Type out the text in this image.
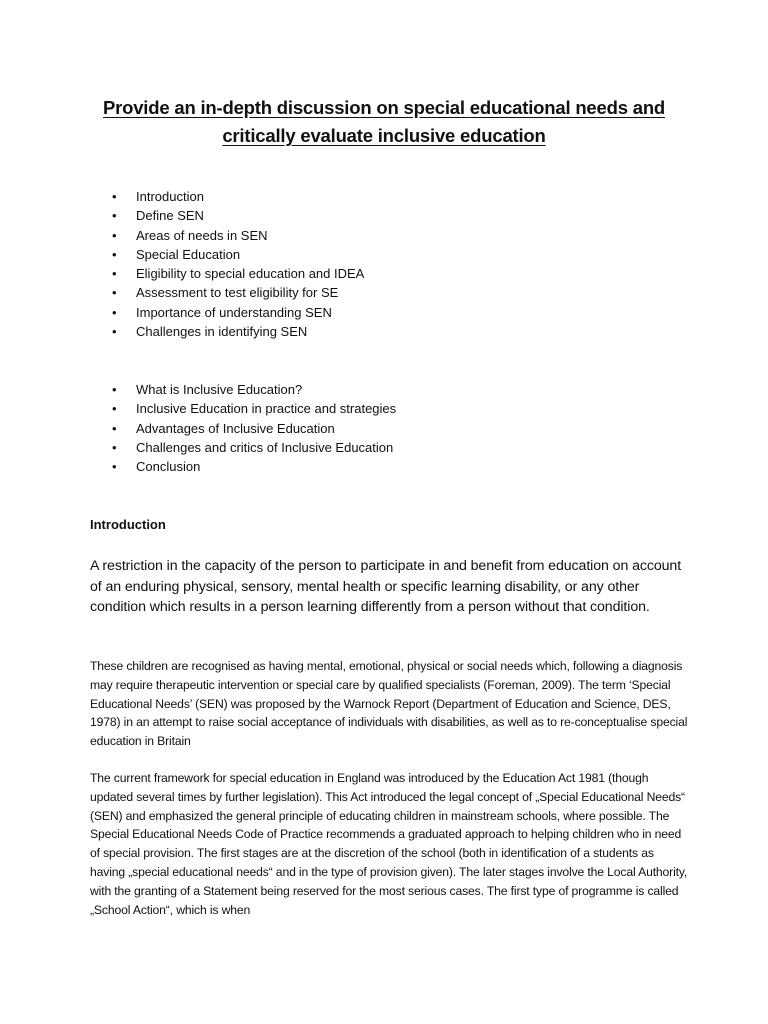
Provide an in-depth discussion on special educational needs and critically evaluate inclusive education
• Introduction
• Define SEN
• Areas of needs in SEN
• Special Education
• Eligibility to special education and IDEA
• Assessment to test eligibility for SE
• Importance of understanding SEN
• Challenges in identifying SEN
• What is Inclusive Education?
• Inclusive Education in practice and strategies
• Advantages of Inclusive Education
• Challenges and critics of Inclusive Education
• Conclusion
Introduction

A restriction in the capacity of the person to participate in and benefit from education on account of an enduring physical, sensory, mental health or specific learning disability, or any other condition which results in a person learning differently from a person without that condition.

These children are recognised as having mental, emotional, physical or social needs which, following a diagnosis may require therapeutic intervention or special care by qualified specialists (Foreman, 2009). The term ‘Special Educational Needs’ (SEN) was proposed by the Warnock Report (Department of Education and Science, DES, 1978) in an attempt to raise social acceptance of individuals with disabilities, as well as to re-conceptualise special education in Britain

The current framework for special education in England was introduced by the Education Act 1981 (though updated several times by further legislation). This Act introduced the legal concept of „Special Educational Needs“ (SEN) and emphasized the general principle of educating children in mainstream schools, where possible. The Special Educational Needs Code of Practice recommends a graduated approach to helping children who in need of special provision. The first stages are at the discretion of the school (both in identification of a students as having „special educational needs“ and in the type of provision given). The later stages involve the Local Authority, with the granting of a Statement being reserved for the most serious cases. The first type of programme is called „School Action“, which is when
